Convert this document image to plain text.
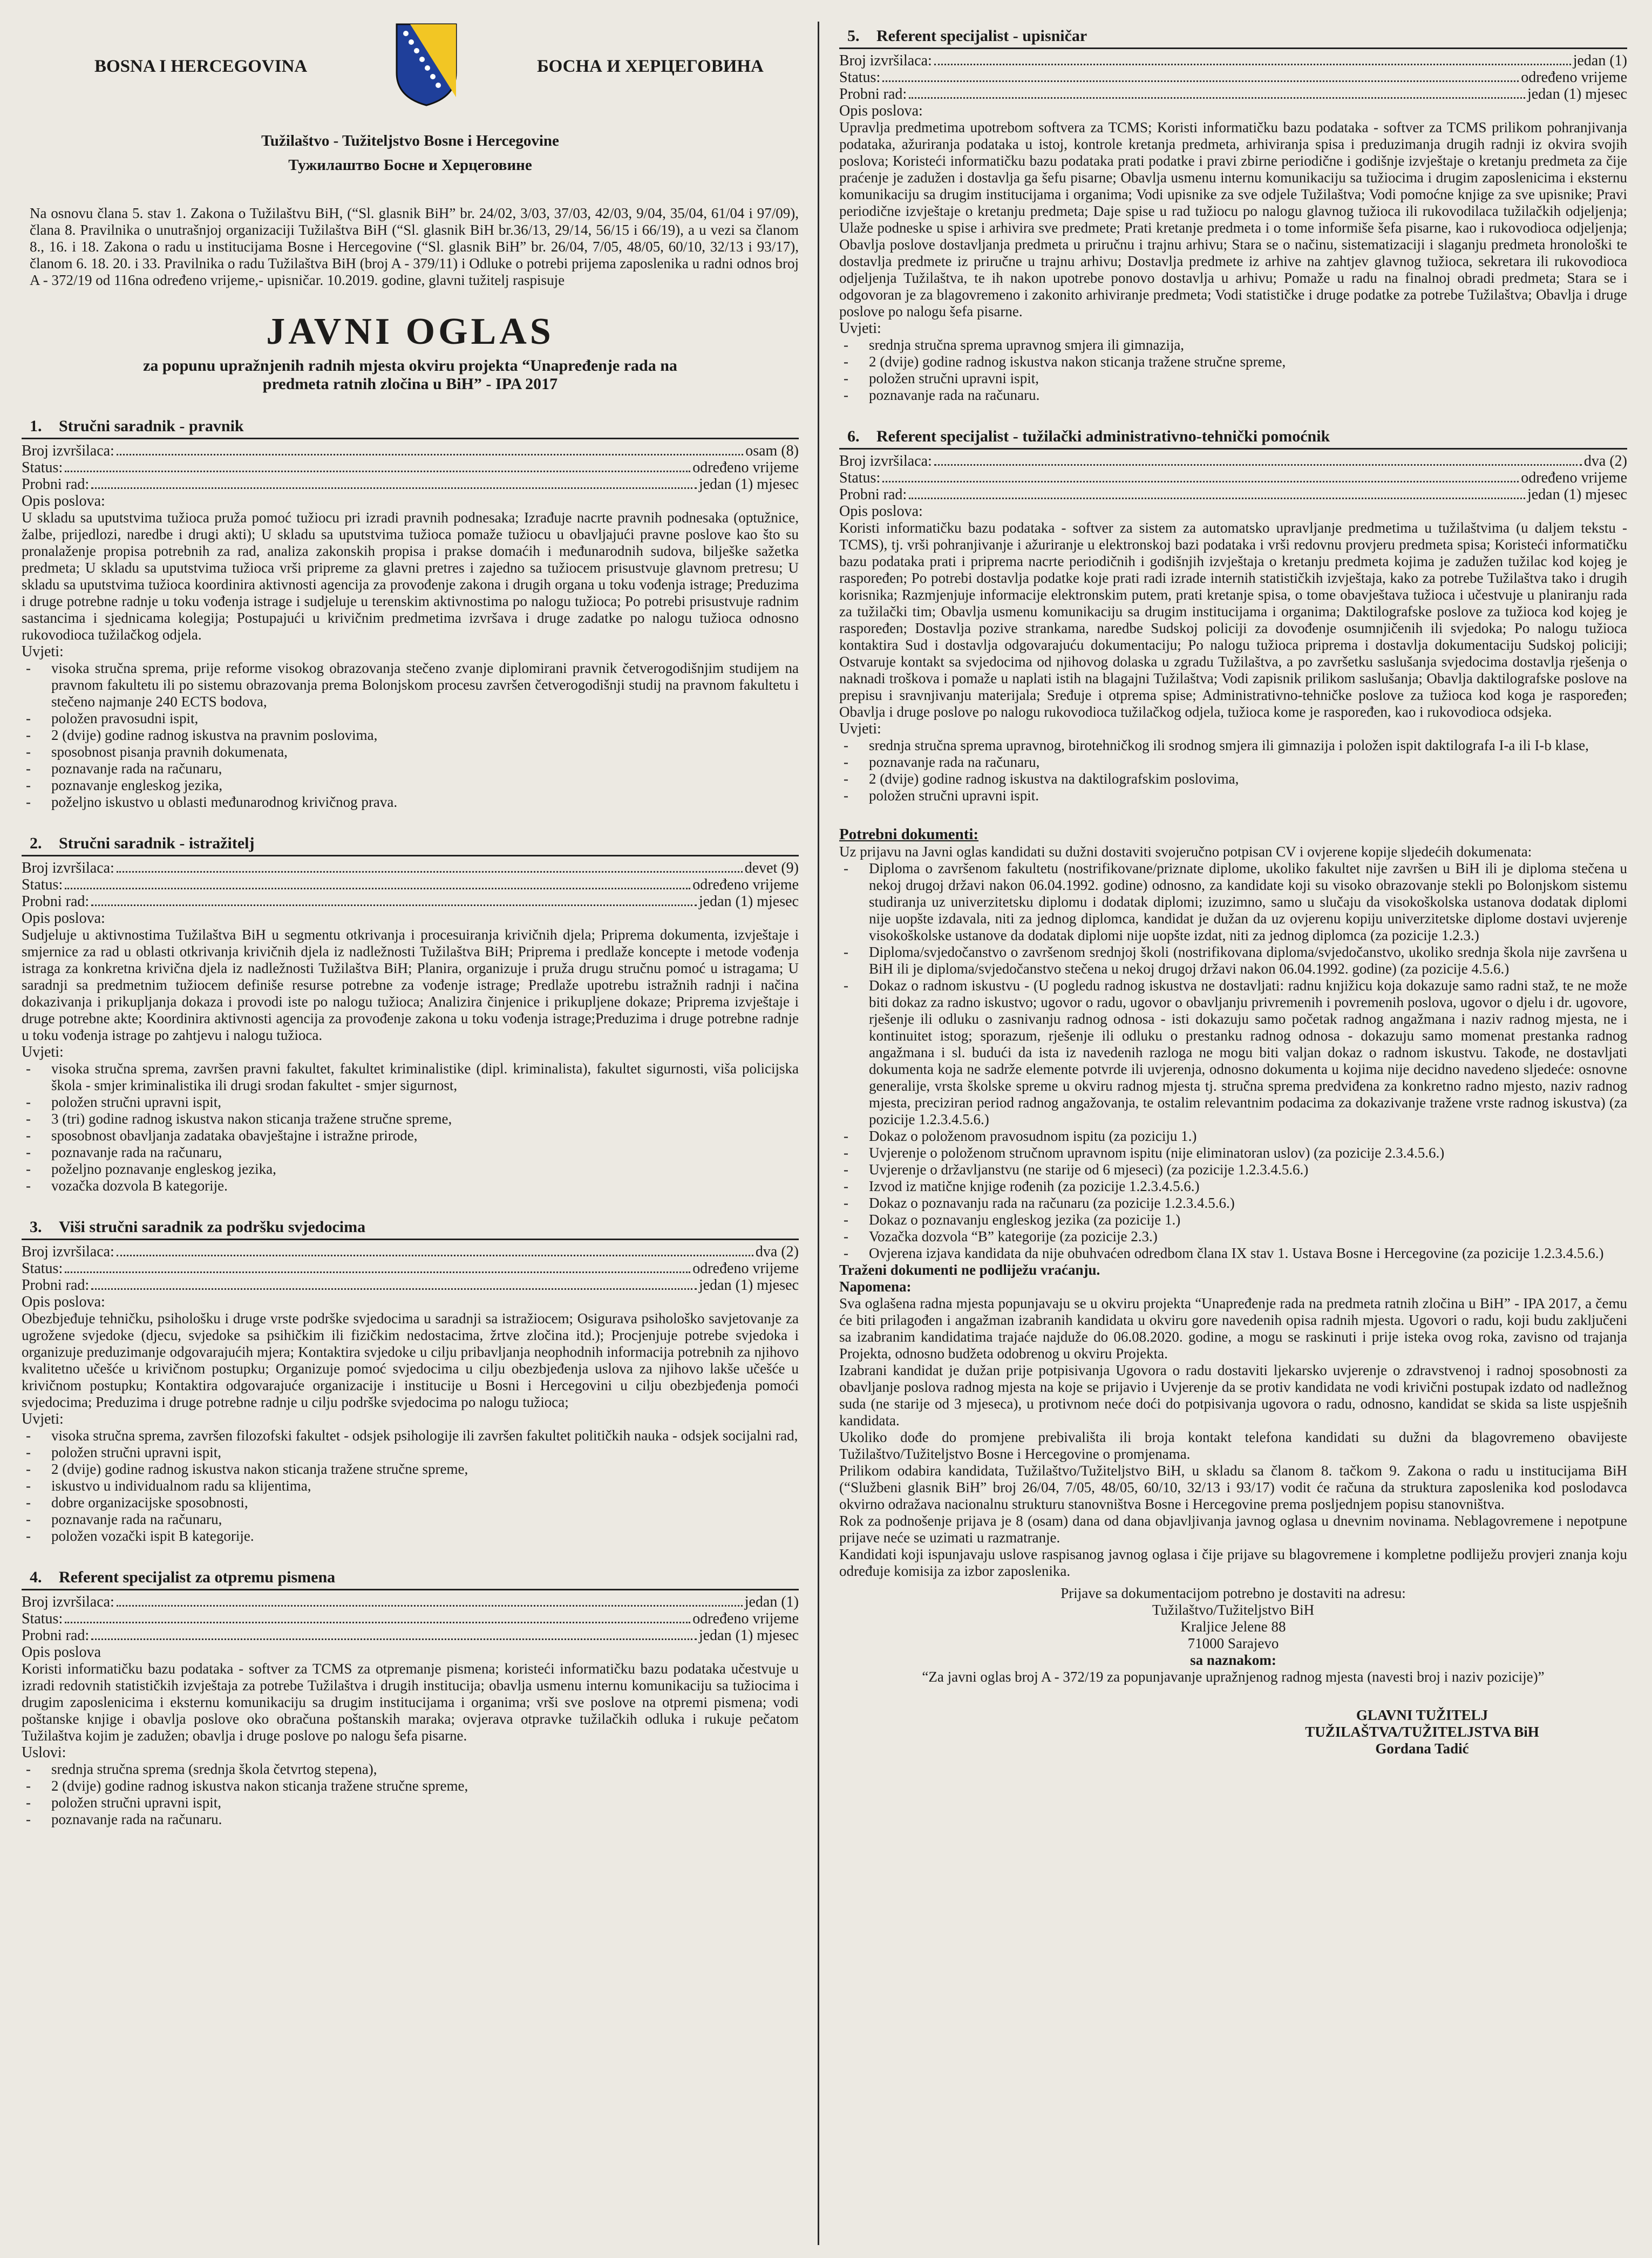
BOSNA I HERCEGOVINA	БОСНА И ХЕРЦЕГОВИНА
Tužilaštvo - Tužiteljstvo Bosne i Hercegovine
Тужилаштво Босне и Херцеговине

Na osnovu člana 5. stav 1. Zakona o Tužilaštvu BiH, (“Sl. glasnik BiH” br. 24/02, 3/03, 37/03, 42/03, 9/04, 35/04, 61/04 i 97/09), člana 8. Pravilnika o unutrašnjoj organizaciji Tužilaštva BiH (“Sl. glasnik BiH br.36/13, 29/14, 56/15 i 66/19), a u vezi sa članom 8., 16. i 18. Zakona o radu u institucijama Bosne i Hercegovine (“Sl. glasnik BiH” br. 26/04, 7/05, 48/05, 60/10, 32/13 i 93/17), članom 6. 18. 20. i 33. Pravilnika o radu Tužilaštva BiH (broj A - 379/11) i Odluke o potrebi prijema zaposlenika u radni odnos broj A - 372/19 od 116na određeno vrijeme,- upisničar. 10.2019. godine, glavni tužitelj raspisuje

JAVNI OGLAS
za popunu upražnjenih radnih mjesta okviru projekta “Unapređenje rada na predmeta ratnih zločina u BiH” - IPA 2017
1. Stručni saradnik - pravnik
Broj izvršilaca:	osam (8)
Status:	određeno vrijeme
Probni rad:	jedan (1) mjesec
Opis poslova:
U skladu sa uputstvima tužioca pruža pomoć tužiocu pri izradi pravnih podnesaka; Izrađuje nacrte pravnih podnesaka (optužnice, žalbe, prijedlozi, naredbe i drugi akti); U skladu sa uputstvima tužioca pomaže tužiocu u obavljajući pravne poslove kao što su pronalaženje propisa potrebnih za rad, analiza zakonskih propisa i prakse domaćih i međunarodnih sudova, bilješke sažetka predmeta; U skladu sa uputstvima tužioca vrši pripreme za glavni pretres i zajedno sa tužiocem prisustvuje glavnom pretresu; U skladu sa uputstvima tužioca koordinira aktivnosti agencija za provođenje zakona i drugih organa u toku vođenja istrage; Preduzima i druge potrebne radnje u toku vođenja istrage i sudjeluje u terenskim aktivnostima po nalogu tužioca; Po potrebi prisustvuje radnim sastancima i sjednicama kolegija; Postupajući u krivičnim predmetima izvršava i druge zadatke po nalogu tužioca odnosno rukovodioca tužilačkog odjela.
Uvjeti:
- visoka stručna sprema, prije reforme visokog obrazovanja stečeno zvanje diplomirani pravnik četverogodišnjim studijem na pravnom fakultetu ili po sistemu obrazovanja prema Bolonjskom procesu završen četverogodišnji studij na pravnom fakultetu i stečeno najmanje 240 ECTS bodova,
- položen pravosudni ispit,
- 2 (dvije) godine radnog iskustva na pravnim poslovima,
- sposobnost pisanja pravnih dokumenata,
- poznavanje rada na računaru,
- poznavanje engleskog jezika,
- poželjno iskustvo u oblasti međunarodnog krivičnog prava.
2. Stručni saradnik - istražitelj
Broj izvršilaca:	devet (9)
Status:	određeno vrijeme
Probni rad:	jedan (1) mjesec
Opis poslova:
Sudjeluje u aktivnostima Tužilaštva BiH u segmentu otkrivanja i procesuiranja krivičnih djela; Priprema dokumenta, izvještaje i smjernice za rad u oblasti otkrivanja krivičnih djela iz nadležnosti Tužilaštva BiH; Priprema i predlaže koncepte i metode vođenja istraga za konkretna krivična djela iz nadležnosti Tužilaštva BiH; Planira, organizuje i pruža drugu stručnu pomoć u istragama; U saradnji sa predmetnim tužiocem definiše resurse potrebne za vođenje istrage; Predlaže upotrebu istražnih radnji i načina dokazivanja i prikupljanja dokaza i provodi iste po nalogu tužioca; Analizira činjenice i prikupljene dokaze; Priprema izvještaje i druge potrebne akte; Koordinira aktivnosti agencija za provođenje zakona u toku vođenja istrage;Preduzima i druge potrebne radnje u toku vođenja istrage po zahtjevu i nalogu tužioca.
Uvjeti:
- visoka stručna sprema, završen pravni fakultet, fakultet kriminalistike (dipl. kriminalista), fakultet sigurnosti, viša policijska škola - smjer kriminalistika ili drugi srodan fakultet - smjer sigurnost,
- položen stručni upravni ispit,
- 3 (tri) godine radnog iskustva nakon sticanja tražene stručne spreme,
- sposobnost obavljanja zadataka obavještajne i istražne prirode,
- poznavanje rada na računaru,
- poželjno poznavanje engleskog jezika,
- vozačka dozvola B kategorije.
3. Viši stručni saradnik za podršku svjedocima
Broj izvršilaca:	dva (2)
Status:	određeno vrijeme
Probni rad:	jedan (1) mjesec
Opis poslova:
Obezbjeđuje tehničku, psihološku i druge vrste podrške svjedocima u saradnji sa istražiocem; Osigurava psihološko savjetovanje za ugrožene svjedoke (djecu, svjedoke sa psihičkim ili fizičkim nedostacima, žrtve zločina itd.); Procjenjuje potrebe svjedoka i organizuje preduzimanje odgovarajućih mjera; Kontaktira svjedoke u cilju pribavljanja neophodnih informacija potrebnih za njihovo kvalitetno učešće u krivičnom postupku; Organizuje pomoć svjedocima u cilju obezbjeđenja uslova za njihovo lakše učešće u krivičnom postupku; Kontaktira odgovarajuće organizacije i institucije u Bosni i Hercegovini u cilju obezbjeđenja pomoći svjedocima; Preduzima i druge potrebne radnje u cilju podrške svjedocima po nalogu tužioca;
Uvjeti:
- visoka stručna sprema, završen filozofski fakultet - odsjek psihologije ili završen fakultet političkih nauka - odsjek socijalni rad,
- položen stručni upravni ispit,
- 2 (dvije) godine radnog iskustva nakon sticanja tražene stručne spreme,
- iskustvo u individualnom radu sa klijentima,
- dobre organizacijske sposobnosti,
- poznavanje rada na računaru,
- položen vozački ispit B kategorije.
4. Referent specijalist za otpremu pismena
Broj izvršilaca:	jedan (1)
Status:	određeno vrijeme
Probni rad:	jedan (1) mjesec
Opis poslova
Koristi informatičku bazu podataka - softver za TCMS za otpremanje pismena; koristeći informatičku bazu podataka učestvuje u izradi redovnih statističkih izvještaja za potrebe Tužilaštva i drugih institucija; obavlja usmenu internu komunikaciju sa tužiocima i drugim zaposlenicima i eksternu komunikaciju sa drugim institucijama i organima; vrši sve poslove na otpremi pismena; vodi poštanske knjige i obavlja poslove oko obračuna poštanskih maraka; ovjerava otpravke tužilačkih odluka i rukuje pečatom Tužilaštva kojim je zadužen; obavlja i druge poslove po nalogu šefa pisarne.
Uslovi:
- srednja stručna sprema (srednja škola četvrtog stepena),
- 2 (dvije) godine radnog iskustva nakon sticanja tražene stručne spreme,
- položen stručni upravni ispit,
- poznavanje rada na računaru.
5. Referent specijalist - upisničar
Broj izvršilaca:	jedan (1)
Status:	određeno vrijeme
Probni rad:	jedan (1) mjesec
Opis poslova:
Upravlja predmetima upotrebom softvera za TCMS; Koristi informatičku bazu podataka - softver za TCMS prilikom pohranjivanja podataka, ažuriranja podataka u istoj, kontrole kretanja predmeta, arhiviranja spisa i preduzimanja drugih radnji iz okvira svojih poslova; Koristeći informatičku bazu podataka prati podatke i pravi zbirne periodične i godišnje izvještaje o kretanju predmeta za čije praćenje je zadužen i dostavlja ga šefu pisarne; Obavlja usmenu internu komunikaciju sa tužiocima i drugim zaposlenicima i eksternu komunikaciju sa drugim institucijama i organima; Vodi upisnike za sve odjele Tužilaštva; Vodi pomoćne knjige za sve upisnike; Pravi periodične izvještaje o kretanju predmeta; Daje spise u rad tužiocu po nalogu glavnog tužioca ili rukovodilaca tužilačkih odjeljenja; Ulaže podneske u spise i arhivira sve predmete; Prati kretanje predmeta i o tome informiše šefa pisarne, kao i rukovodioca odjeljenja; Obavlja poslove dostavljanja predmeta u priručnu i trajnu arhivu; Stara se o načinu, sistematizaciji i slaganju predmeta hronološki te dostavlja predmete iz priručne u trajnu arhivu; Dostavlja predmete iz arhive na zahtjev glavnog tužioca, sekretara ili rukovodioca odjeljenja Tužilaštva, te ih nakon upotrebe ponovo dostavlja u arhivu; Pomaže u radu na finalnoj obradi predmeta; Stara se i odgovoran je za blagovremeno i zakonito arhiviranje predmeta; Vodi statističke i druge podatke za potrebe Tužilaštva; Obavlja i druge poslove po nalogu šefa pisarne.
Uvjeti:
- srednja stručna sprema upravnog smjera ili gimnazija,
- 2 (dvije) godine radnog iskustva nakon sticanja tražene stručne spreme,
- položen stručni upravni ispit,
- poznavanje rada na računaru.
6. Referent specijalist - tužilački administrativno-tehnički pomoćnik
Broj izvršilaca:	dva (2)
Status:	određeno vrijeme
Probni rad:	jedan (1) mjesec
Opis poslova:
Koristi informatičku bazu podataka - softver za sistem za automatsko upravljanje predmetima u tužilaštvima (u daljem tekstu - TCMS), tj. vrši pohranjivanje i ažuriranje u elektronskoj bazi podataka i vrši redovnu provjeru predmeta spisa; Koristeći informatičku bazu podataka prati i priprema nacrte periodičnih i godišnjih izvještaja o kretanju predmeta kojima je zadužen tužilac kod kojeg je raspoređen; Po potrebi dostavlja podatke koje prati radi izrade internih statističkih izvještaja, kako za potrebe Tužilaštva tako i drugih korisnika; Razmjenjuje informacije elektronskim putem, prati kretanje spisa, o tome obavještava tužioca i učestvuje u planiranju rada za tužilački tim; Obavlja usmenu komunikaciju sa drugim institucijama i organima; Daktilografske poslove za tužioca kod kojeg je raspoređen; Dostavlja pozive strankama, naredbe Sudskoj policiji za dovođenje osumnjičenih ili svjedoka; Po nalogu tužioca kontaktira Sud i dostavlja odgovarajuću dokumentaciju; Po nalogu tužioca priprema i dostavlja dokumentaciju Sudskoj policiji; Ostvaruje kontakt sa svjedocima od njihovog dolaska u zgradu Tužilaštva, a po završetku saslušanja svjedocima dostavlja rješenja o naknadi troškova i pomaže u naplati istih na blagajni Tužilaštva; Vodi zapisnik prilikom saslušanja; Obavlja daktilografske poslove na prepisu i sravnjivanju materijala; Sređuje i otprema spise; Administrativno-tehničke poslove za tužioca kod koga je raspoređen; Obavlja i druge poslove po nalogu rukovodioca tužilačkog odjela, tužioca kome je raspoređen, kao i rukovodioca odsjeka.
Uvjeti:
- srednja stručna sprema upravnog, birotehničkog ili srodnog smjera ili gimnazija i položen ispit daktilografa I-a ili I-b klase,
- poznavanje rada na računaru,
- 2 (dvije) godine radnog iskustva na daktilografskim poslovima,
- položen stručni upravni ispit.
Potrebni dokumenti:
Uz prijavu na Javni oglas kandidati su dužni dostaviti svojeručno potpisan CV i ovjerene kopije sljedećih dokumenata:
- Diploma o završenom fakultetu (nostrifikovane/priznate diplome, ukoliko fakultet nije završen u BiH ili je diploma stečena u nekoj drugoj državi nakon 06.04.1992. godine) odnosno, za kandidate koji su visoko obrazovanje stekli po Bolonjskom sistemu studiranja uz univerzitetsku diplomu i dodatak diplomi; izuzimno, samo u slučaju da visokoškolska ustanova dodatak diplomi nije uopšte izdavala, niti za jednog diplomca, kandidat je dužan da uz ovjerenu kopiju univerzitetske diplome dostavi uvjerenje visokoškolske ustanove da dodatak diplomi nije uopšte izdat, niti za jednog diplomca (za pozicije 1.2.3.)
- Diploma/svjedočanstvo o završenom srednjoj školi (nostrifikovana diploma/svjedočanstvo, ukoliko srednja škola nije završena u BiH ili je diploma/svjedočanstvo stečena u nekoj drugoj državi nakon 06.04.1992. godine) (za pozicije 4.5.6.)
- Dokaz o radnom iskustvu - (U pogledu radnog iskustva ne dostavljati: radnu knjižicu koja dokazuje samo radni staž, te ne može biti dokaz za radno iskustvo; ugovor o radu, ugovor o obavljanju privremenih i povremenih poslova, ugovor o djelu i dr. ugovore, rješenje ili odluku o zasnivanju radnog odnosa - isti dokazuju samo početak radnog angažmana i naziv radnog mjesta, ne i kontinuitet istog; sporazum, rješenje ili odluku o prestanku radnog odnosa - dokazuju samo momenat prestanka radnog angažmana i sl. budući da ista iz navedenih razloga ne mogu biti valjan dokaz o radnom iskustvu. Takođe, ne dostavljati dokumenta koja ne sadrže elemente potvrde ili uvjerenja, odnosno dokumenta u kojima nije decidno navedeno sljedeće: osnovne generalije, vrsta školske spreme u okviru radnog mjesta tj. stručna sprema predviđena za konkretno radno mjesto, naziv radnog mjesta, preciziran period radnog angažovanja, te ostalim relevantnim podacima za dokazivanje tražene vrste radnog iskustva) (za pozicije 1.2.3.4.5.6.)
- Dokaz o položenom pravosudnom ispitu (za poziciju 1.)
- Uvjerenje o položenom stručnom upravnom ispitu (nije eliminatoran uslov) (za pozicije 2.3.4.5.6.)
- Uvjerenje o državljanstvu (ne starije od 6 mjeseci) (za pozicije 1.2.3.4.5.6.)
- Izvod iz matične knjige rođenih (za pozicije 1.2.3.4.5.6.)
- Dokaz o poznavanju rada na računaru (za pozicije 1.2.3.4.5.6.)
- Dokaz o poznavanju engleskog jezika (za pozicije 1.)
- Vozačka dozvola “B” kategorije (za pozicije 2.3.)
- Ovjerena izjava kandidata da nije obuhvaćen odredbom člana IX stav 1. Ustava Bosne i Hercegovine (za pozicije 1.2.3.4.5.6.)
Traženi dokumenti ne podliježu vraćanju.
Napomena:
Sva oglašena radna mjesta popunjavaju se u okviru projekta “Unapređenje rada na predmeta ratnih zločina u BiH” - IPA 2017, a čemu će biti prilagođen i angažman izabranih kandidata u okviru gore navedenih opisa radnih mjesta. Ugovori o radu, koji budu zaključeni sa izabranim kandidatima trajaće najduže do 06.08.2020. godine, a mogu se raskinuti i prije isteka ovog roka, zavisno od trajanja Projekta, odnosno budžeta odobrenog u okviru Projekta.
Izabrani kandidat je dužan prije potpisivanja Ugovora o radu dostaviti ljekarsko uvjerenje o zdravstvenoj i radnoj sposobnosti za obavljanje poslova radnog mjesta na koje se prijavio i Uvjerenje da se protiv kandidata ne vodi krivični postupak izdato od nadležnog suda (ne starije od 3 mjeseca), u protivnom neće doći do potpisivanja ugovora o radu, odnosno, kandidat se skida sa liste uspješnih kandidata.
Ukoliko dođe do promjene prebivališta ili broja kontakt telefona kandidati su dužni da blagovremeno obavijeste Tužilaštvo/Tužiteljstvo Bosne i Hercegovine o promjenama.
Prilikom odabira kandidata, Tužilaštvo/Tužiteljstvo BiH, u skladu sa članom 8. tačkom 9. Zakona o radu u institucijama BiH (“Službeni glasnik BiH” broj 26/04, 7/05, 48/05, 60/10, 32/13 i 93/17) vodit će računa da struktura zaposlenika kod poslodavca okvirno odražava nacionalnu strukturu stanovništva Bosne i Hercegovine prema posljednjem popisu stanovništva.
Rok za podnošenje prijava je 8 (osam) dana od dana objavljivanja javnog oglasa u dnevnim novinama. Neblagovremene i nepotpune prijave neće se uzimati u razmatranje.
Kandidati koji ispunjavaju uslove raspisanog javnog oglasa i čije prijave su blagovremene i kompletne podliježu provjeri znanja koju određuje komisija za izbor zaposlenika.
Prijave sa dokumentacijom potrebno je dostaviti na adresu:
Tužilaštvo/Tužiteljstvo BiH
Kraljice Jelene 88
71000 Sarajevo
sa naznakom:
“Za javni oglas broj A - 372/19 za popunjavanje upražnjenog radnog mjesta (navesti broj i naziv pozicije)”
GLAVNI TUŽITELJ
TUŽILAŠTVA/TUŽITELJSTVA BiH
Gordana Tadić
